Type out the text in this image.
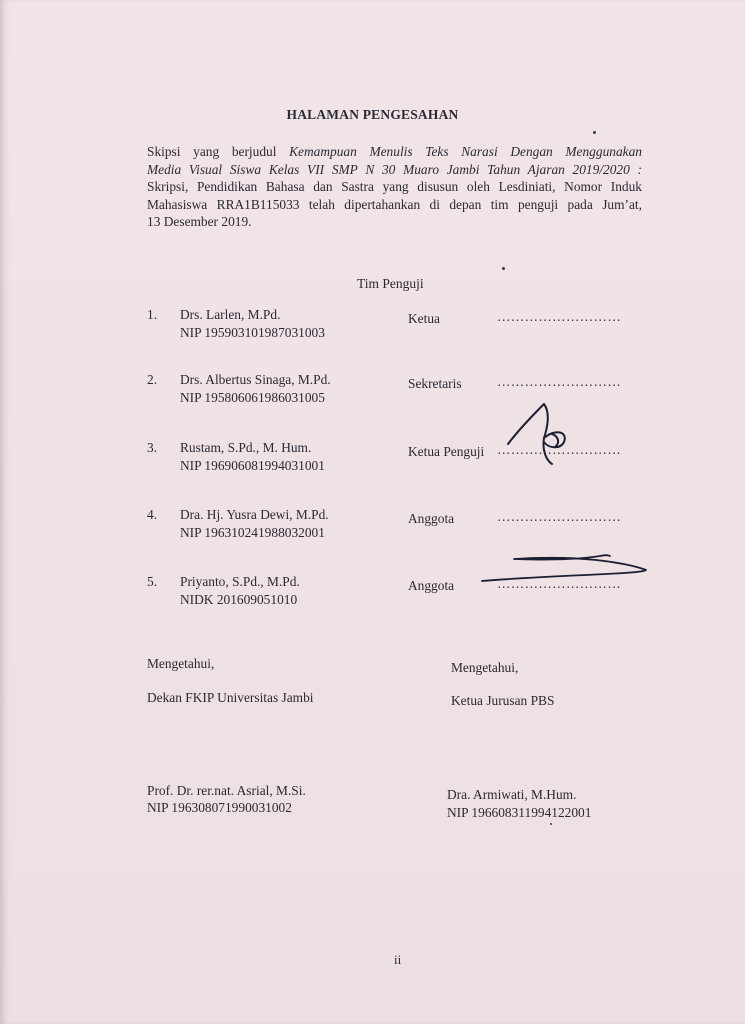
HALAMAN PENGESAHAN
Skipsi yang berjudul Kemampuan Menulis Teks Narasi Dengan Menggunakan
Media Visual Siswa Kelas VII SMP N 30 Muaro Jambi Tahun Ajaran 2019/2020 :
Skripsi, Pendidikan Bahasa dan Sastra yang disusun oleh Lesdiniati, Nomor Induk
Mahasiswa RRA1B115033 telah dipertahankan di depan tim penguji pada Jum’at,
13 Desember 2019.
Tim Penguji
1. Drs. Larlen, M.Pd.
NIP 195903101987031003
Ketua	………………………
2. Drs. Albertus Sinaga, M.Pd.
NIP 195806061986031005
Sekretaris	………………………
3. Rustam, S.Pd., M. Hum.
NIP 196906081994031001
Ketua Penguji ………………………
4. Dra. Hj. Yusra Dewi, M.Pd.
NIP 196310241988032001
Anggota	………………………
5. Priyanto, S.Pd., M.Pd.
NIDK 201609051010
Anggota	………………………
Mengetahui,
Dekan FKIP Universitas Jambi
Prof. Dr. rer.nat. Asrial, M.Si.
NIP 196308071990031002
Mengetahui,
Ketua Jurusan PBS
Dra. Armiwati, M.Hum.
NIP 196608311994122001
ii
